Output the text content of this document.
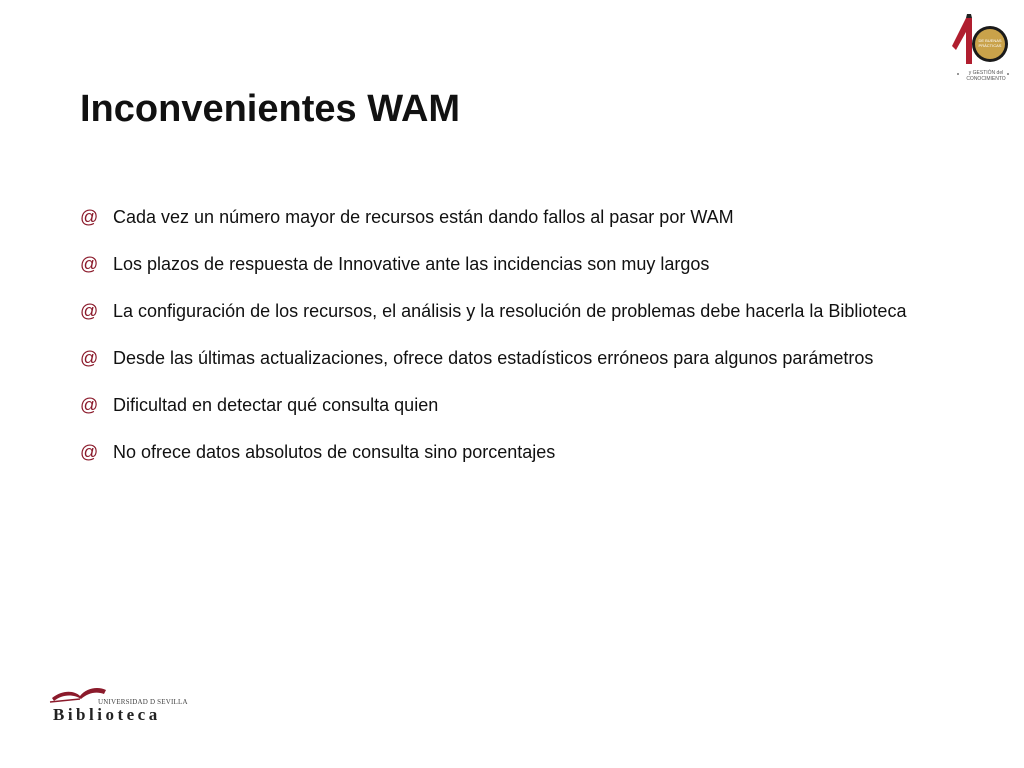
DE BUENAS
PRÁCTICAS
y GESTIÓN del
CONOCIMIENTO
Inconvenientes WAM
@ Cada vez un número mayor de recursos están dando fallos al pasar por WAM
@ Los plazos de respuesta de Innovative ante las incidencias son muy largos
@ La configuración de los recursos, el análisis y la resolución de problemas debe hacerla la Biblioteca
@ Desde las últimas actualizaciones, ofrece datos estadísticos erróneos para algunos parámetros
@ Dificultad en detectar qué consulta quien
@ No ofrece datos absolutos de consulta sino porcentajes
UNIVERSIDAD D SEVILLA
Biblioteca
